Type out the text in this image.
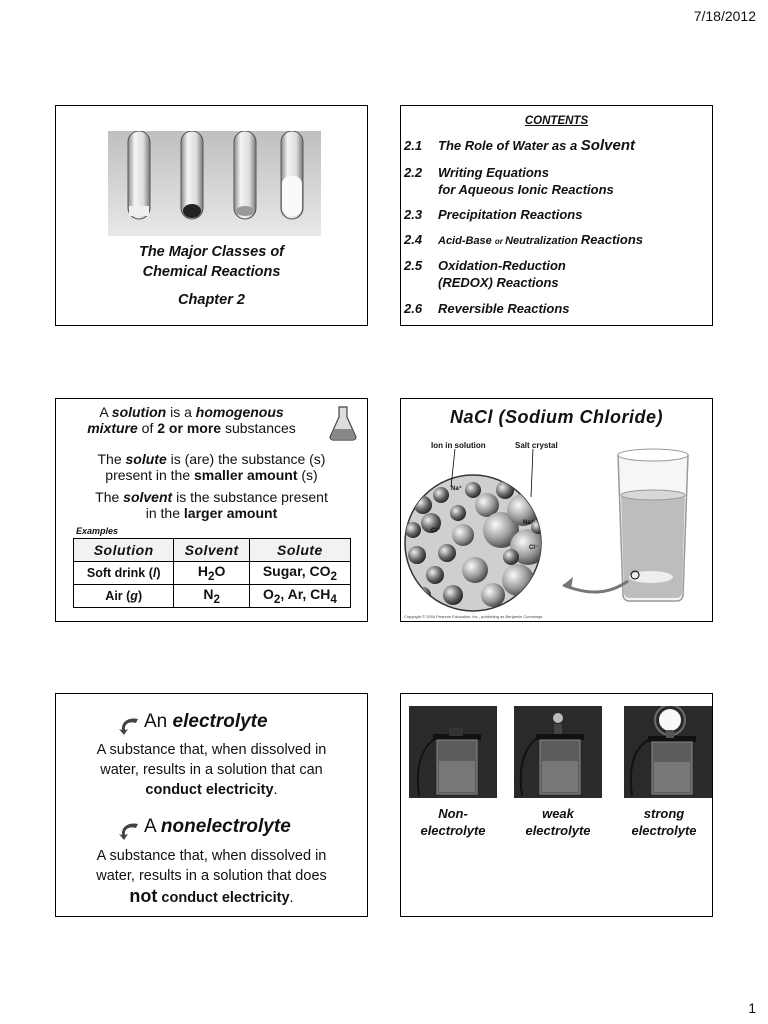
7/18/2012
The Major Classes of
Chemical Reactions
Chapter 2
CONTENTS
2.1	The Role of Water as a Solvent
2.2	Writing Equations
for Aqueous Ionic Reactions
2.3	Precipitation Reactions
2.4	Acid-Base or Neutralization Reactions
2.5	Oxidation-Reduction
(REDOX) Reactions
2.6	Reversible Reactions
A solution is a homogenous
mixture of 2 or more substances
The solute is (are) the substance (s)
present in the smaller amount (s)
The solvent is the substance present
in the larger amount
Examples
Solution	Solvent	Solute
Soft drink (l)	$H_2O$	Sugar, $CO_2$
Air (g)	$N_2$	$O_2$, Ar, $CH_4$
NaCl (Sodium Chloride)
Ion in solution	Salt crystal
Na⁺
Cl⁻
Na⁺
Cl⁻
Copyright © 2004 Pearson Education, Inc., publishing as Benjamin Cummings
An electrolyte
A substance that, when dissolved in
water, results in a solution that can
conduct electricity.
A nonelectrolyte
A substance that, when dissolved in
water, results in a solution that does
not conduct electricity.
Non-
electrolyte
weak
electrolyte
strong
electrolyte
1
